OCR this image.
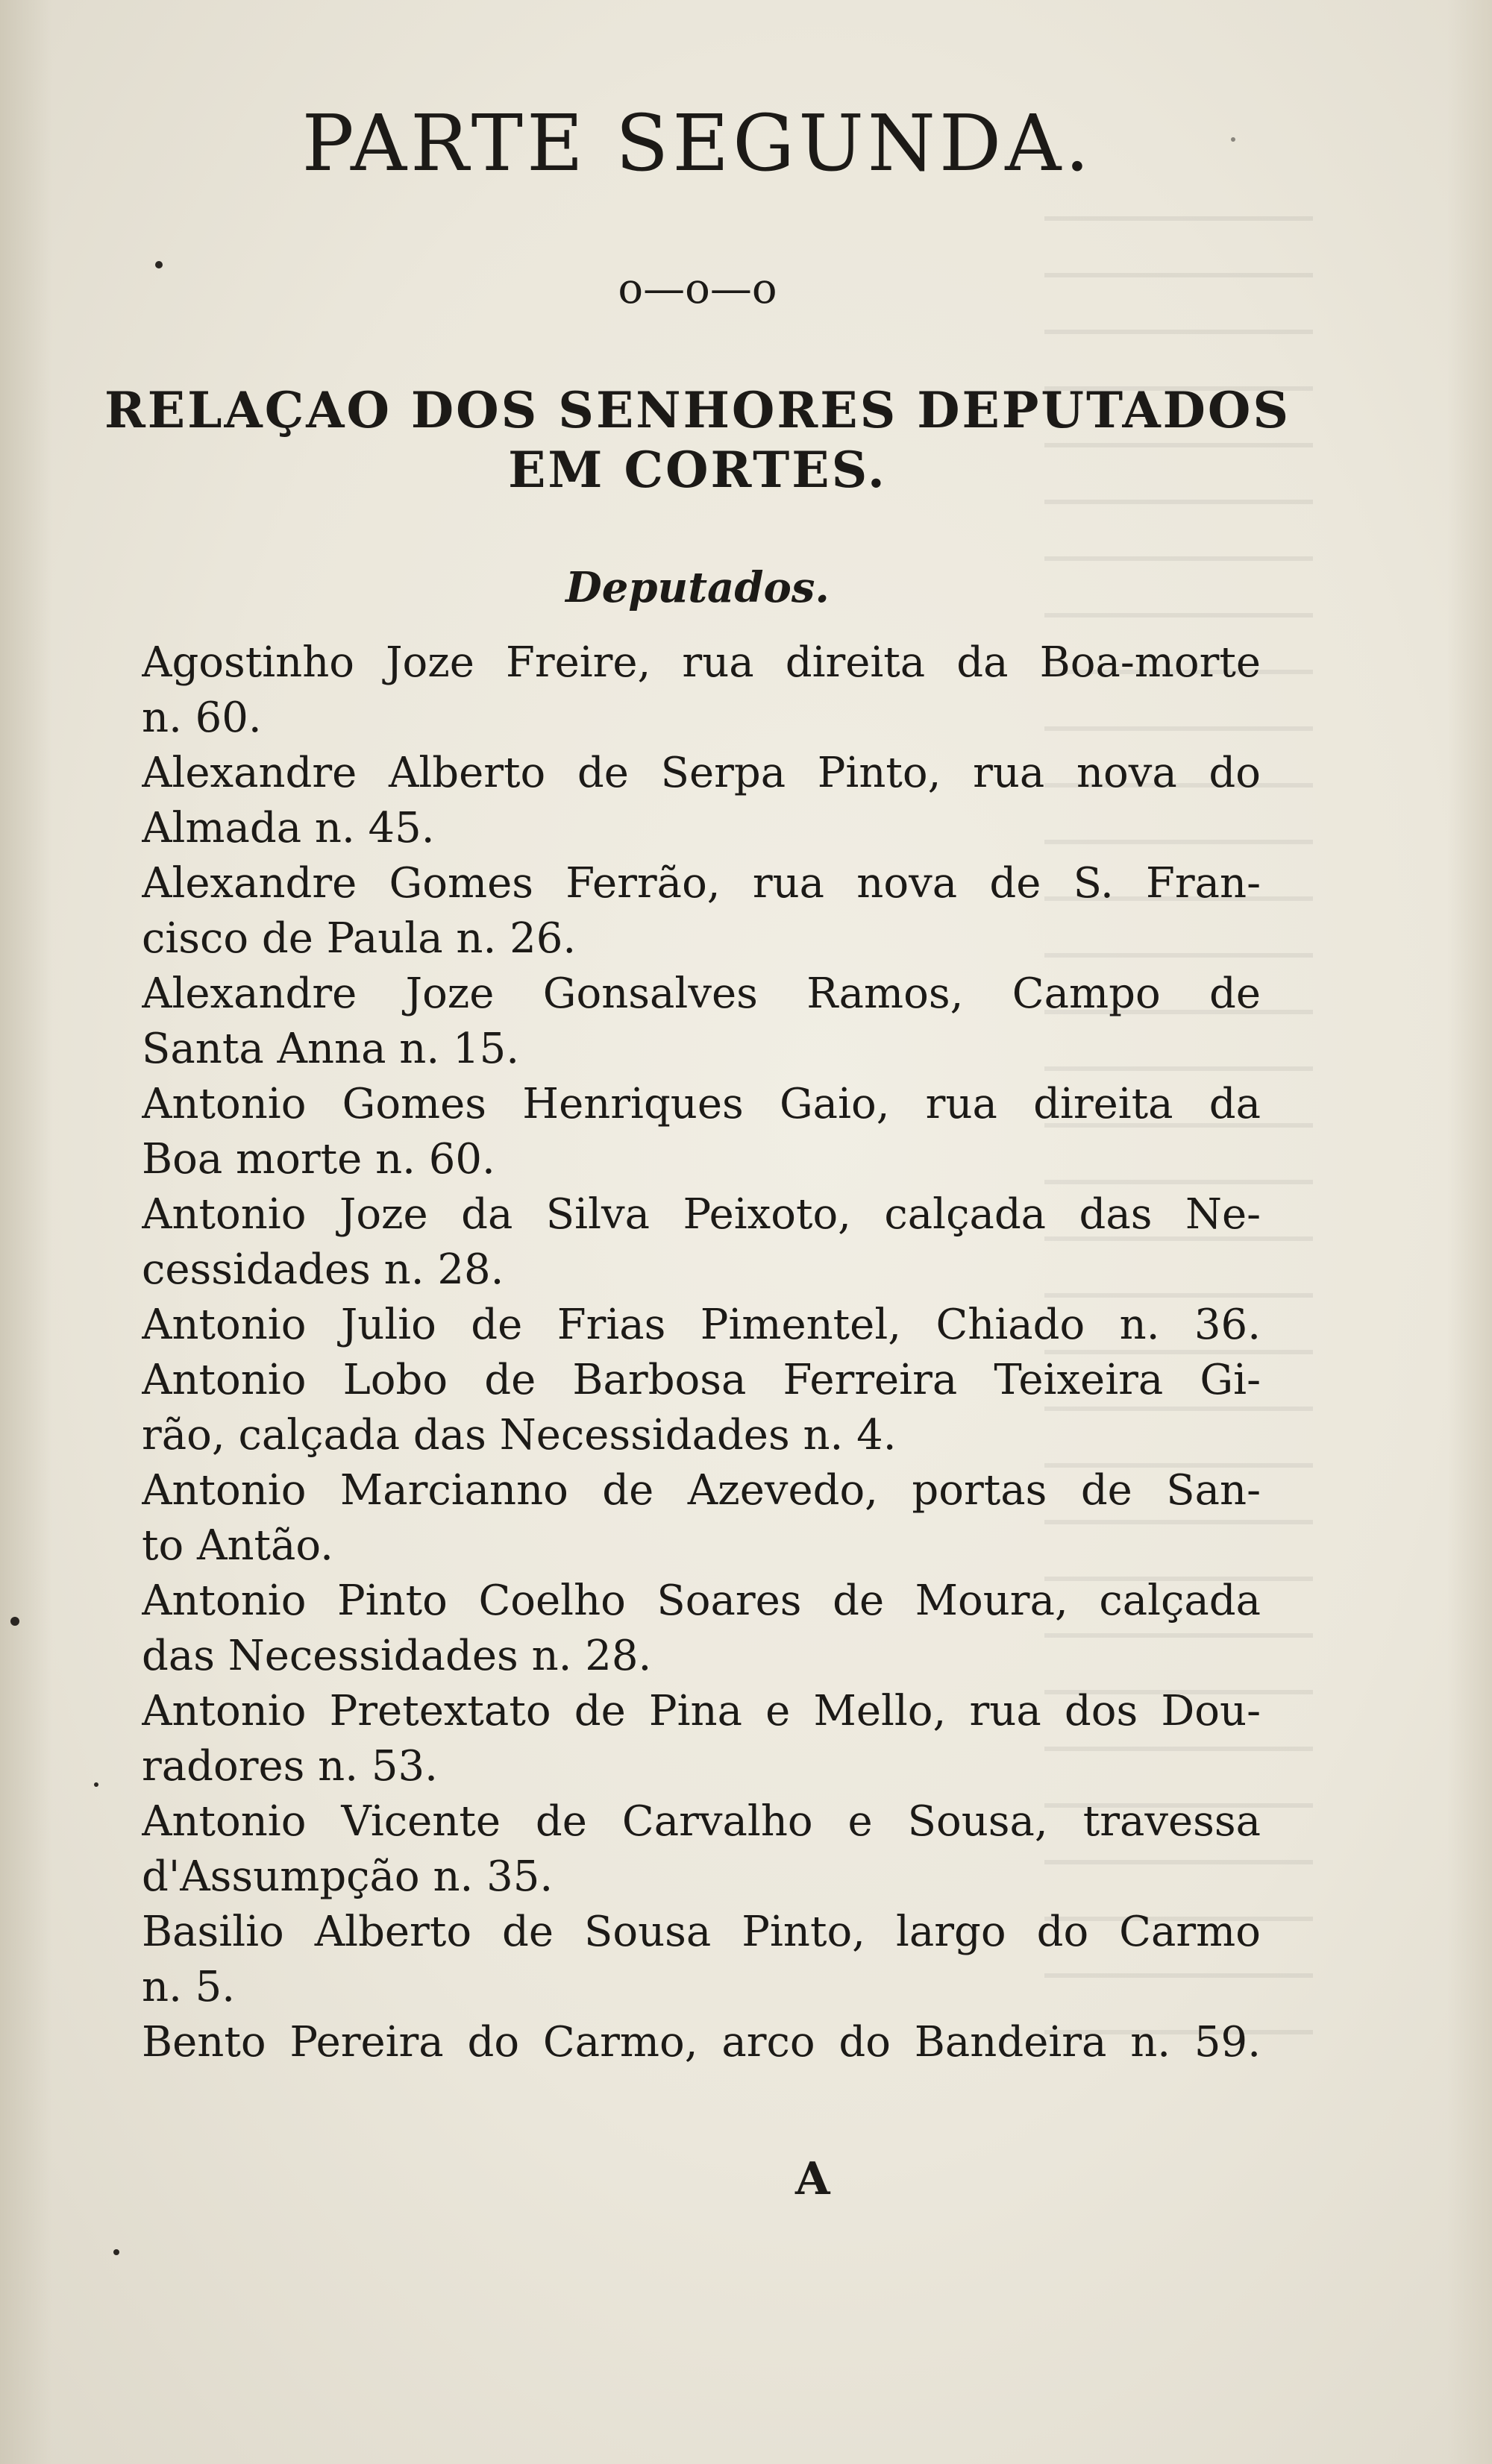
PARTE SEGUNDA.
o—o—o
RELAÇAO DOS SENHORES DEPUTADOS
EM CORTES.
Deputados.
Agostinho Joze Freire, rua direita da Boa-morte
n. 60.
Alexandre Alberto de Serpa Pinto, rua nova do
Almada n. 45.
Alexandre Gomes Ferrão, rua nova de S. Fran-
cisco de Paula n. 26.
Alexandre Joze Gonsalves Ramos, Campo de
Santa Anna n. 15.
Antonio Gomes Henriques Gaio, rua direita da
Boa morte n. 60.
Antonio Joze da Silva Peixoto, calçada das Ne-
cessidades n. 28.
Antonio Julio de Frias Pimentel, Chiado n. 36.
Antonio Lobo de Barbosa Ferreira Teixeira Gi-
rão, calçada das Necessidades n. 4.
Antonio Marcianno de Azevedo, portas de San-
to Antão.
Antonio Pinto Coelho Soares de Moura, calçada
das Necessidades n. 28.
Antonio Pretextato de Pina e Mello, rua dos Dou-
radores n. 53.
Antonio Vicente de Carvalho e Sousa, travessa
d'Assumpção n. 35.
Basilio Alberto de Sousa Pinto, largo do Carmo
n. 5.
Bento Pereira do Carmo, arco do Bandeira n. 59.
A
